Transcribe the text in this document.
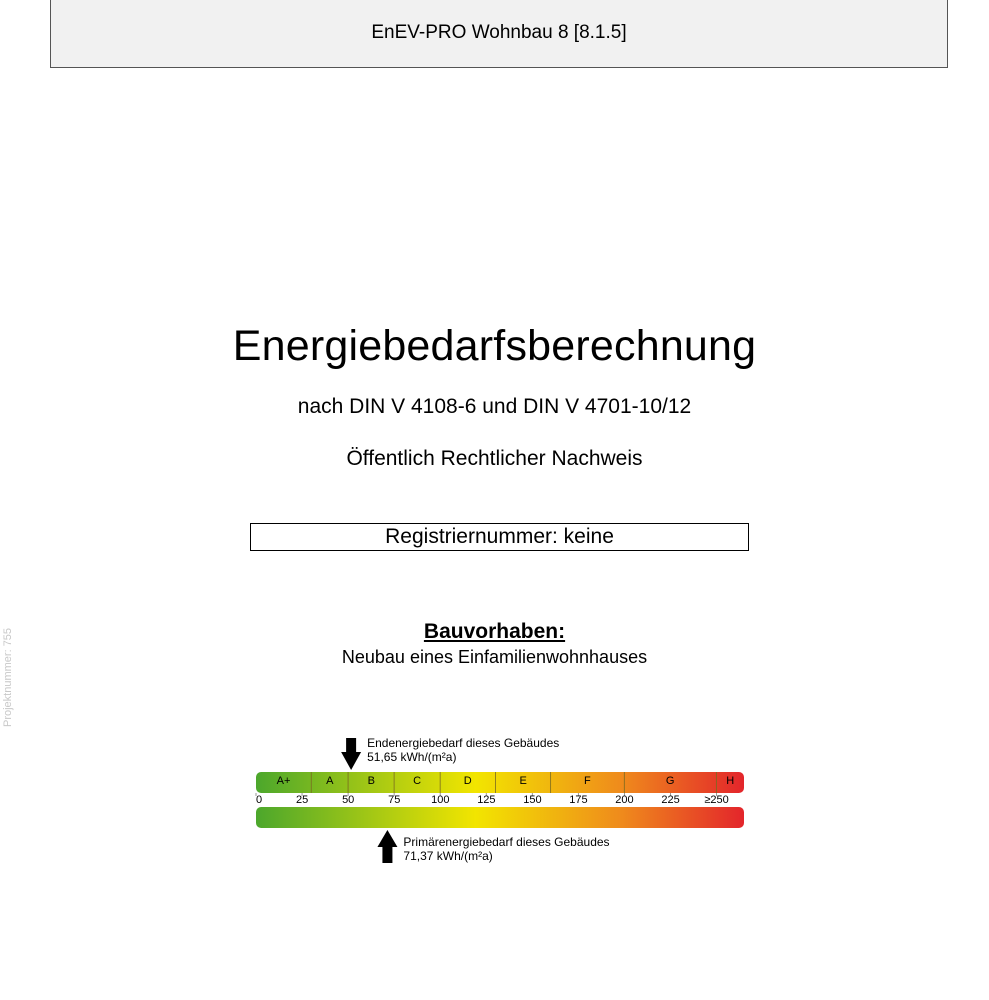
EnEV-PRO Wohnbau 8 [8.1.5]
Projektnummer: 755
Energiebedarfsberechnung
nach DIN V 4108-6 und DIN V 4701-10/12
Öffentlich Rechtlicher Nachweis
Registriernummer: keine
Bauvorhaben:
Neubau eines Einfamilienwohnhauses
A+	A	B	C	D	E	F	G	H
0	25	50	75	100	125	150	175	200	225 ≥250
Endenergiebedarf dieses Gebäudes
51,65 kWh/(m²a)
Primärenergiebedarf dieses Gebäudes
71,37 kWh/(m²a)
